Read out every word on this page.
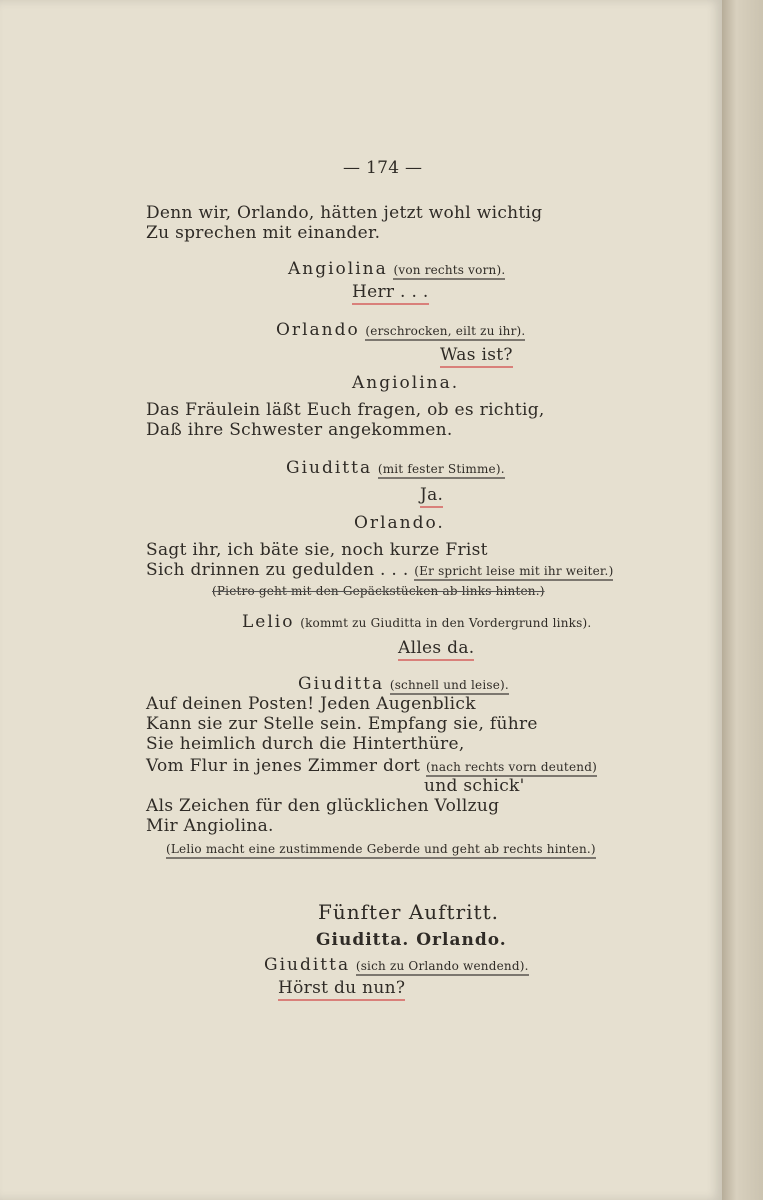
— 174 —
Denn wir, Orlando, hätten jetzt wohl wichtig
Zu sprechen mit einander.
Angiolina (von rechts vorn).
Herr . . .
Orlando (erschrocken, eilt zu ihr).
Was ist?
Angiolina.
Das Fräulein läßt Euch fragen, ob es richtig,
Daß ihre Schwester angekommen.
Giuditta (mit fester Stimme).
Ja.
Orlando.
Sagt ihr, ich bäte sie, noch kurze Frist
Sich drinnen zu gedulden . . . (Er spricht leise mit ihr weiter.)
(Pietro geht mit den Gepäckstücken ab links hinten.)
Lelio (kommt zu Giuditta in den Vordergrund links).
Alles da.
Giuditta (schnell und leise).
Auf deinen Posten! Jeden Augenblick
Kann sie zur Stelle sein. Empfang sie, führe
Sie heimlich durch die Hinterthüre,
Vom Flur in jenes Zimmer dort (nach rechts vorn deutend)
und schick'
Als Zeichen für den glücklichen Vollzug
Mir Angiolina.
(Lelio macht eine zustimmende Geberde und geht ab rechts hinten.)
Fünfter Auftritt.
Giuditta. Orlando.
Giuditta (sich zu Orlando wendend).
Hörst du nun?
